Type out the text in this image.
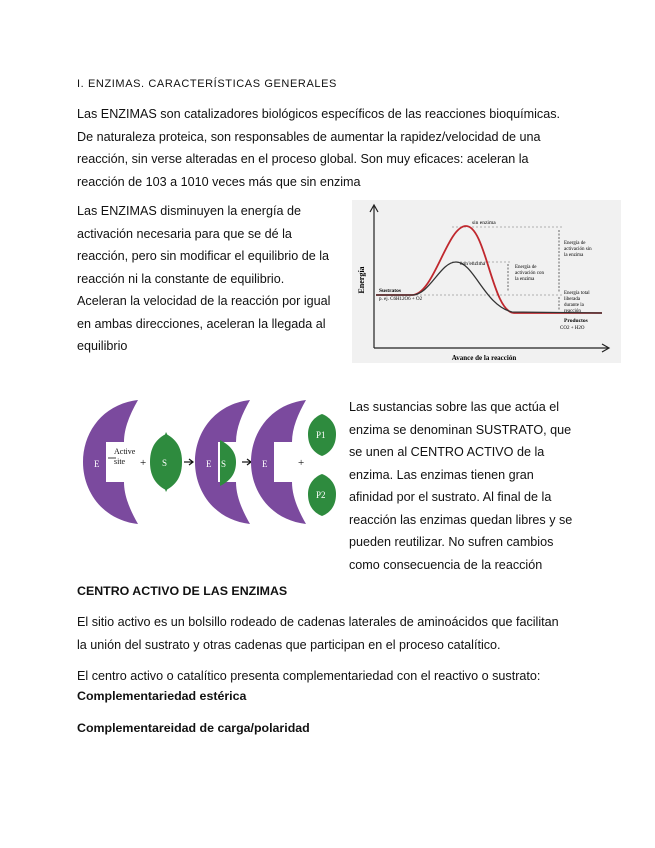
I. ENZIMAS. CARACTERÍSTICAS GENERALES
Las ENZIMAS son catalizadores biológicos específicos de las reacciones bioquímicas.
De naturaleza proteica, son responsables de aumentar la rapidez/velocidad de una
reacción, sin verse alteradas en el proceso global. Son muy eficaces: aceleran la
reacción de 103 a 1010 veces más que sin enzima
Las ENZIMAS disminuyen la energía de
activación necesaria para que se dé la
reacción, pero sin modificar el equilibrio de la
reacción ni la constante de equilibrio.
Aceleran la velocidad de la reacción por igual
en ambas direcciones, aceleran la llegada al
equilibrio
Energía
Avance de la reacción
sin enzima
con enzima
Sustratos
p. ej. C6H12O6 + O2
Productos
CO2 + H2O
Energía de activación sin la enzima
Energía de activación con la enzima
Energía total liberada durante la reacción
E
Active
site + S	E S	E	+
P1
P2
Las sustancias sobre las que actúa el
enzima se denominan SUSTRATO, que
se unen al CENTRO ACTIVO de la
enzima. Las enzimas tienen gran
afinidad por el sustrato. Al final de la
reacción las enzimas quedan libres y se
pueden reutilizar. No sufren cambios
como consecuencia de la reacción
CENTRO ACTIVO DE LAS ENZIMAS
El sitio activo es un bolsillo rodeado de cadenas laterales de aminoácidos que facilitan
la unión del sustrato y otras cadenas que participan en el proceso catalítico.
El centro activo o catalítico presenta complementariedad con el reactivo o sustrato:
Complementariedad estérica
Complementareidad de carga/polaridad
